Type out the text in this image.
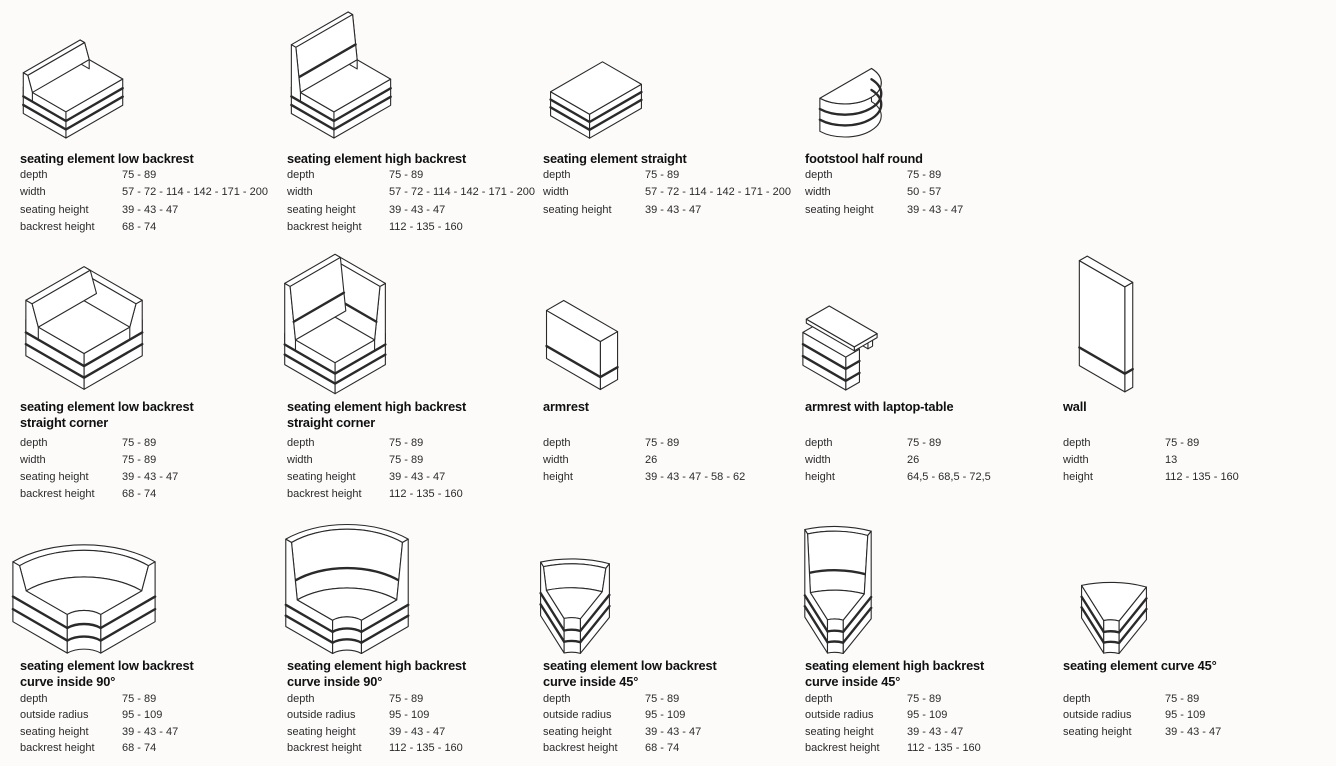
seating element low backrest
depth	75 - 89
width	57 - 72 - 114 - 142 - 171 - 200
seating height	39 - 43 - 47
backrest height	68 - 74
seating element high backrest
depth	75 - 89
width	57 - 72 - 114 - 142 - 171 - 200
seating height	39 - 43 - 47
backrest height	112 - 135 - 160
seating element straight
depth	75 - 89
width	57 - 72 - 114 - 142 - 171 - 200
seating height	39 - 43 - 47
footstool half round
depth	75 - 89
width	50 - 57
seating height	39 - 43 - 47
seating element low backrest
straight corner
depth	75 - 89
width	75 - 89
seating height	39 - 43 - 47
backrest height	68 - 74
seating element high backrest
straight corner
depth	75 - 89
width	75 - 89
seating height	39 - 43 - 47
backrest height	112 - 135 - 160
armrest
depth	75 - 89
width	26
height	39 - 43 - 47 - 58 - 62
armrest with laptop-table
depth	75 - 89
width	26
height	64,5 - 68,5 - 72,5
wall
depth	75 - 89
width	13
height	112 - 135 - 160
seating element low backrest
curve inside 90°
depth	75 - 89
outside radius	95 - 109
seating height	39 - 43 - 47
backrest height	68 - 74
seating element high backrest
curve inside 90°
depth	75 - 89
outside radius	95 - 109
seating height	39 - 43 - 47
backrest height	112 - 135 - 160
seating element low backrest
curve inside 45°
depth	75 - 89
outside radius	95 - 109
seating height	39 - 43 - 47
backrest height	68 - 74
seating element high backrest
curve inside 45°
depth	75 - 89
outside radius	95 - 109
seating height	39 - 43 - 47
backrest height	112 - 135 - 160
seating element curve 45°
depth	75 - 89
outside radius	95 - 109
seating height	39 - 43 - 47
